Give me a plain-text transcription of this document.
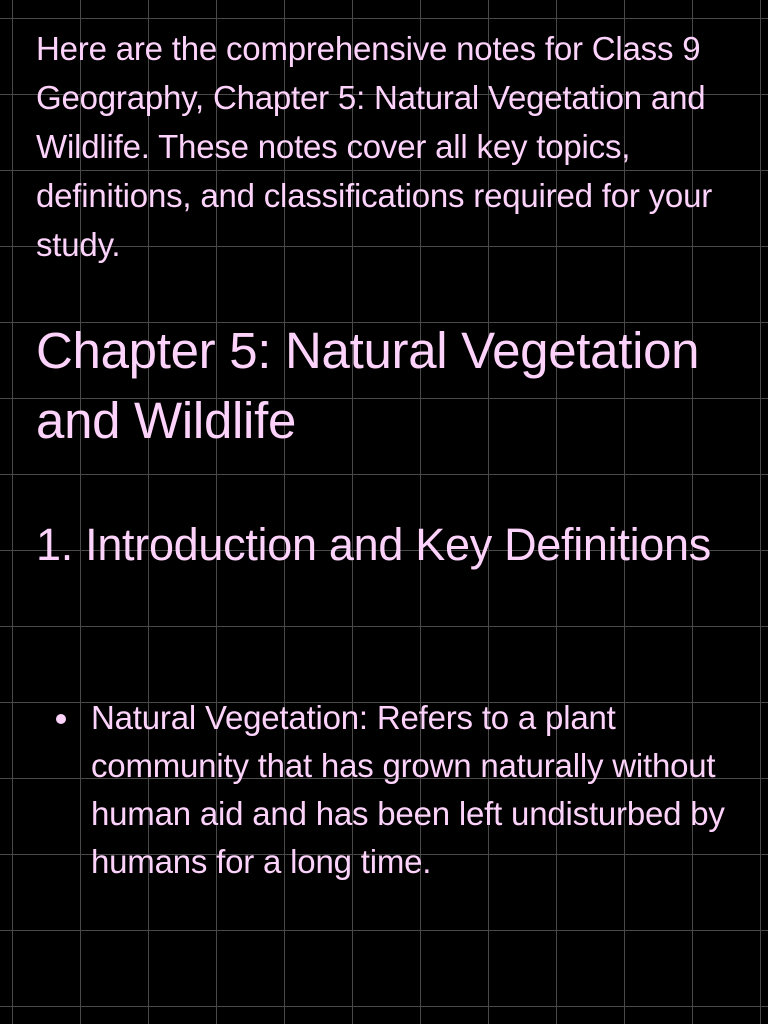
Here are the comprehensive notes for Class 9 Geography, Chapter 5: Natural Vegetation and Wildlife. These notes cover all key topics, definitions, and classifications required for your study.

Chapter 5: Natural Vegetation and Wildlife
1. Introduction and Key Definitions
Natural Vegetation: Refers to a plant community that has grown naturally without human aid and has been left undisturbed by humans for a long time.
